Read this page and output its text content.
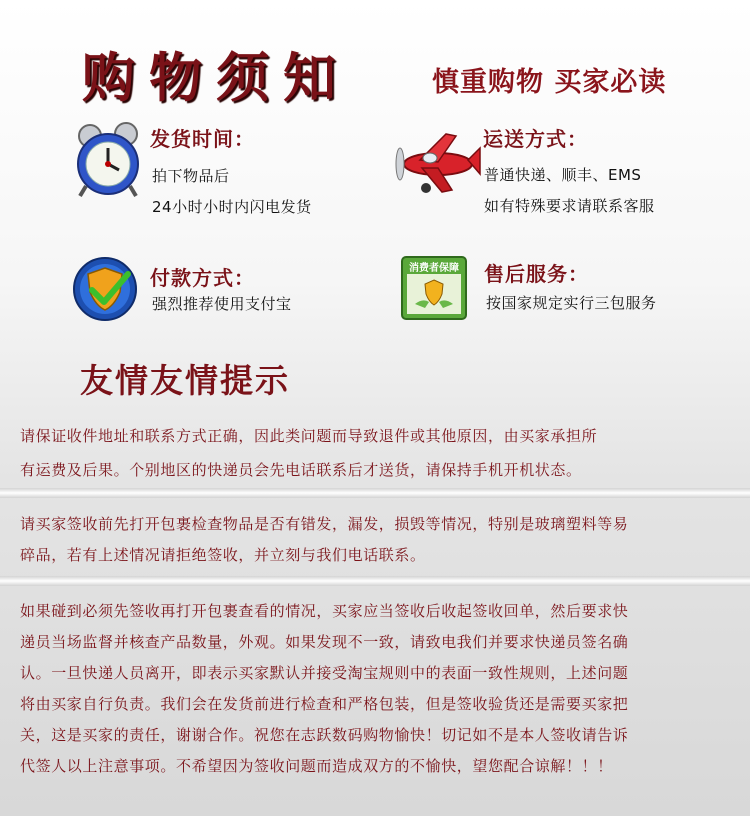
购物须知	慎重购物 买家必读
发货时间：
拍下物品后
24小时小时内闪电发货
运送方式：
普通快递、顺丰、EMS
如有特殊要求请联系客服
付款方式：
强烈推荐使用支付宝
消费者保障	售后服务：
按国家规定实行三包服务
友情友情提示
请保证收件地址和联系方式正确，因此类问题而导致退件或其他原因，由买家承担所
有运费及后果。个别地区的快递员会先电话联系后才送货，请保持手机开机状态。
请买家签收前先打开包裹检查物品是否有错发，漏发，损毁等情况，特别是玻璃塑料等易
碎品，若有上述情况请拒绝签收，并立刻与我们电话联系。
如果碰到必须先签收再打开包裹查看的情况，买家应当签收后收起签收回单，然后要求快
递员当场监督并核查产品数量，外观。如果发现不一致，请致电我们并要求快递员签名确
认。一旦快递人员离开，即表示买家默认并接受淘宝规则中的表面一致性规则，上述问题
将由买家自行负责。我们会在发货前进行检查和严格包装，但是签收验货还是需要买家把
关，这是买家的责任，谢谢合作。祝您在志跃数码购物愉快！切记如不是本人签收请告诉
代签人以上注意事项。不希望因为签收问题而造成双方的不愉快，望您配合谅解！！！
